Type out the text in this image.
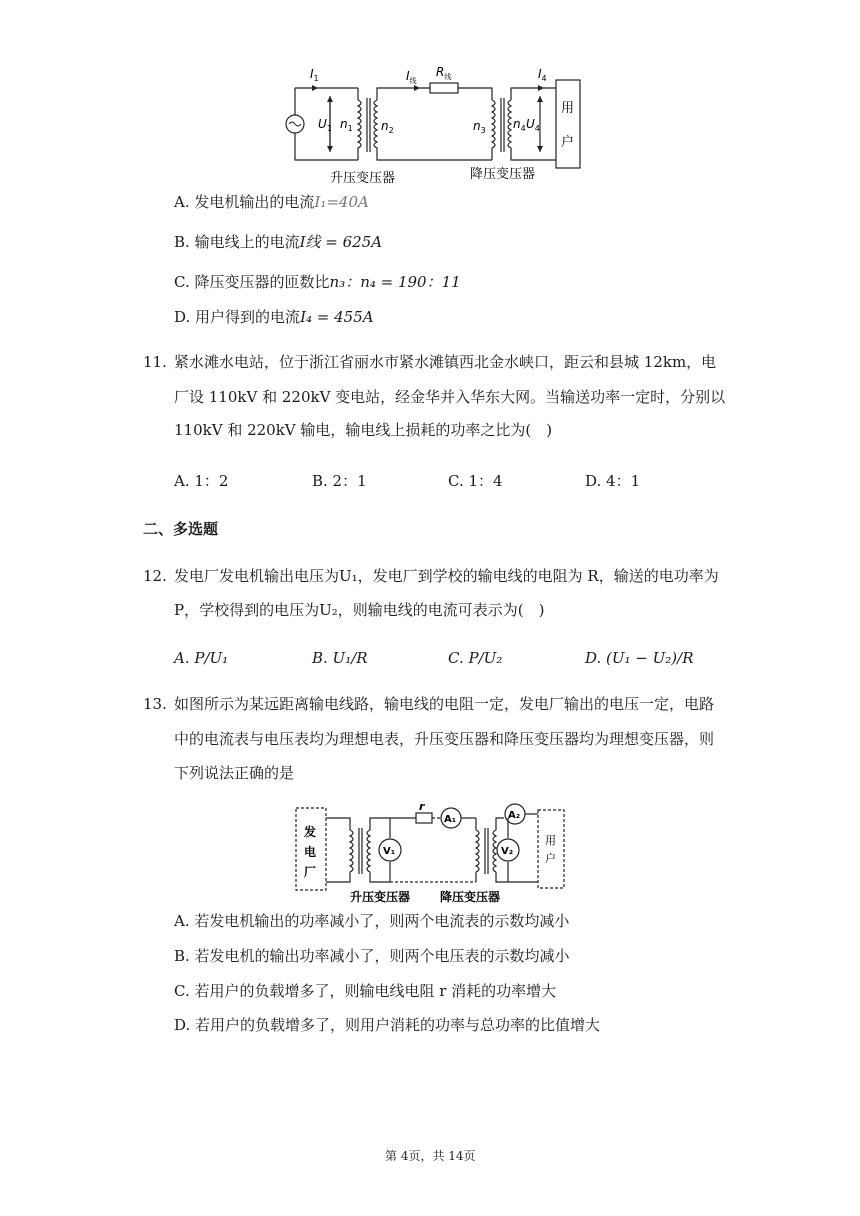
$I_1$	$I_线$
$R_线$	$I_4$
$U_1$ $n_1$ $n_2$	$n_3$ $n_4$ $U_4$
用
户
升压变压器	降压变压器
A. 发电机输出的电流I₁=40A
B. 输电线上的电流I线 = 625A
C. 降压变压器的匝数比n₃：n₄ = 190：11
D. 用户得到的电流I₄ = 455A
11. 紧水滩水电站，位于浙江省丽水市紧水滩镇西北金水峡口，距云和县城 12km，电
厂设 110kV 和 220kV 变电站，经金华并入华东大网。当输送功率一定时，分别以
110kV 和 220kV 输电，输电线上损耗的功率之比为(　)
A. 1：2	B. 2：1	C. 1：4	D. 4：1
二、多选题
12. 发电厂发电机输出电压为U₁，发电厂到学校的输电线的电阻为 R，输送的电功率为
P，学校得到的电压为U₂，则输电线的电流可表示为(　)
A. P/U₁	B. U₁/R	C. P/U₂	D. (U₁ − U₂)/R
13. 如图所示为某远距离输电线路，输电线的电阻一定，发电厂输出的电压一定，电路
中的电流表与电压表均为理想电表，升压变压器和降压变压器均为理想变压器，则
下列说法正确的是
发
电
厂
用
户
r
A₁	A₂
V₁	V₂
升压变压器 降压变压器
A. 若发电机输出的功率减小了，则两个电流表的示数均减小
B. 若发电机的输出功率减小了，则两个电压表的示数均减小
C. 若用户的负载增多了，则输电线电阻 r 消耗的功率增大
D. 若用户的负载增多了，则用户消耗的功率与总功率的比值增大
第 4页，共 14页
